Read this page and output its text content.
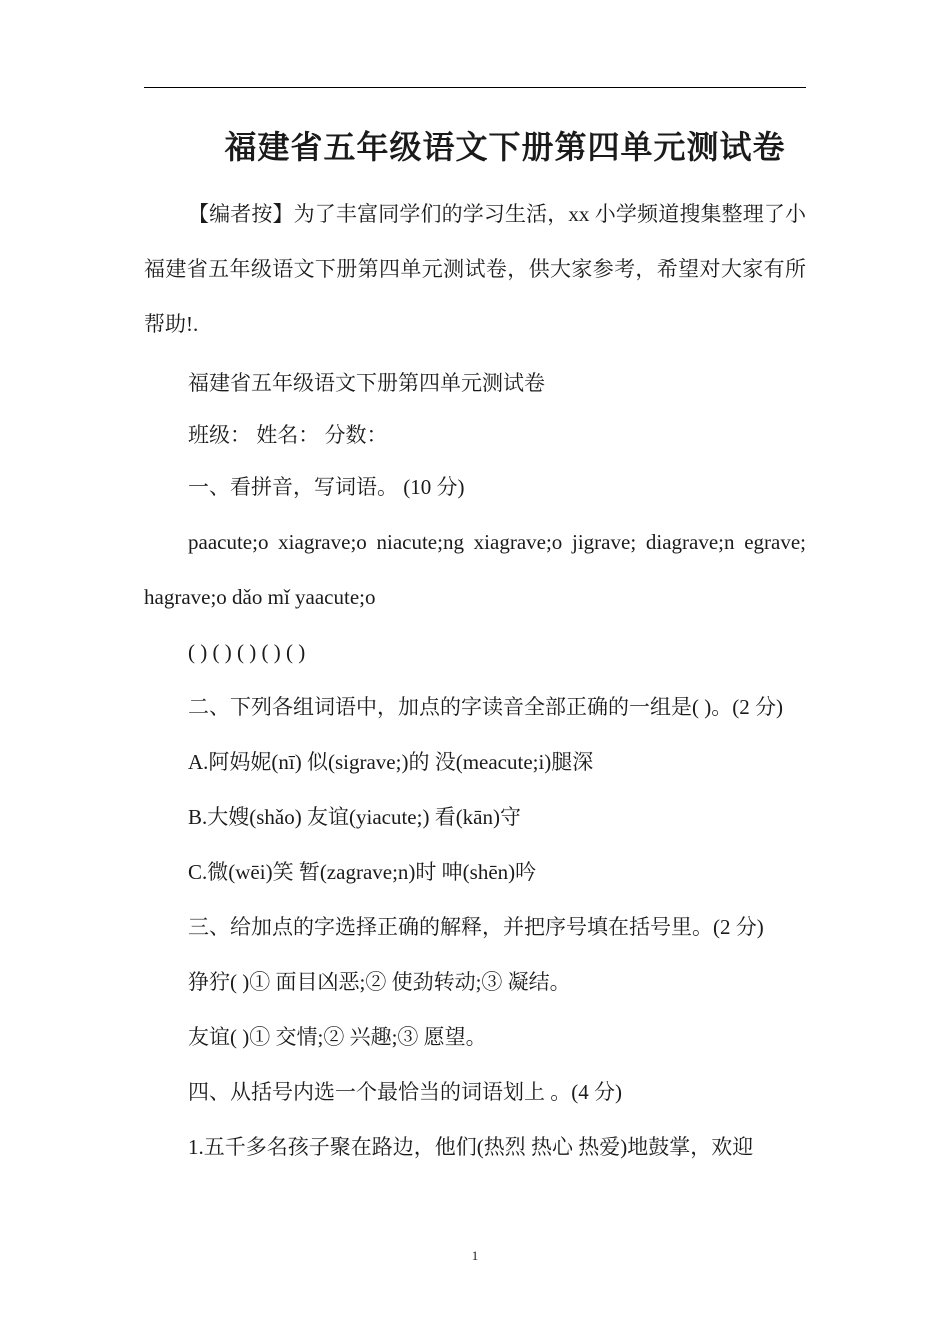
福建省五年级语文下册第四单元测试卷

【编者按】为了丰富同学们的学习生活，xx 小学频道搜集整理了小福建省五年级语文下册第四单元测试卷，供大家参考，希望对大家有所帮助!.

福建省五年级语文下册第四单元测试卷

班级： 姓名： 分数：

一、看拼音，写词语。 (10 分)

paacute;o xiagrave;o niacute;ng xiagrave;o jigrave; diagrave;n egrave; hagrave;o dǎo mǐ yaacute;o

( ) ( ) ( ) ( ) ( )

二、下列各组词语中，加点的字读音全部正确的一组是( )。(2 分)

A.阿妈妮(nī) 似(sigrave;)的 没(meacute;i)腿深

B.大嫂(shǎo) 友谊(yiacute;) 看(kān)守

C.微(wēi)笑 暂(zagrave;n)时 呻(shēn)吟

三、给加点的字选择正确的解释，并把序号填在括号里。(2 分)

狰狞( )① 面目凶恶;② 使劲转动;③ 凝结。

友谊( )① 交情;② 兴趣;③ 愿望。

四、从括号内选一个最恰当的词语划上 。(4 分)

1.五千多名孩子聚在路边，他们(热烈 热心 热爱)地鼓掌，欢迎

1
